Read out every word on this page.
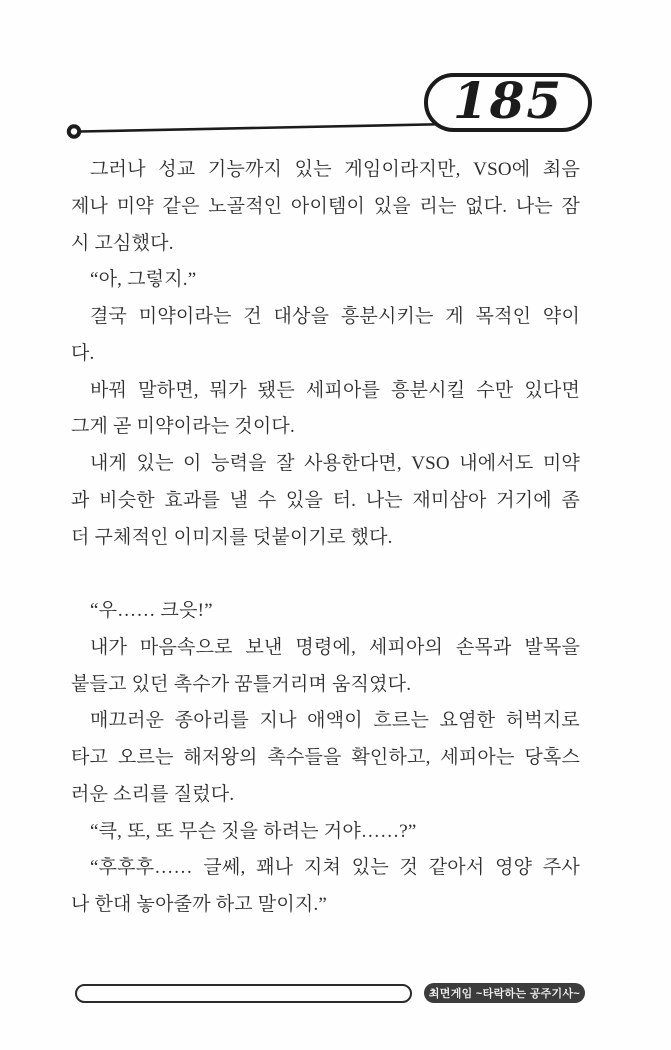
185
그러나 성교 기능까지 있는 게임이라지만, VSO에 최음
제나 미약 같은 노골적인 아이템이 있을 리는 없다. 나는 잠
시 고심했다.
“아, 그렇지.”
결국 미약이라는 건 대상을 흥분시키는 게 목적인 약이
다.
바꿔 말하면, 뭐가 됐든 세피아를 흥분시킬 수만 있다면
그게 곧 미약이라는 것이다.
내게 있는 이 능력을 잘 사용한다면, VSO 내에서도 미약
과 비슷한 효과를 낼 수 있을 터. 나는 재미삼아 거기에 좀
더 구체적인 이미지를 덧붙이기로 했다.
“우…… 크읏!”
내가 마음속으로 보낸 명령에, 세피아의 손목과 발목을
붙들고 있던 촉수가 꿈틀거리며 움직였다.
매끄러운 종아리를 지나 애액이 흐르는 요염한 허벅지로
타고 오르는 해저왕의 촉수들을 확인하고, 세피아는 당혹스
러운 소리를 질렀다.
“큭, 또, 또 무슨 짓을 하려는 거야……?”
“후후후…… 글쎄, 꽤나 지쳐 있는 것 같아서 영양 주사
나 한대 놓아줄까 하고 말이지.”
최면게임 ~타락하는 공주기사~
